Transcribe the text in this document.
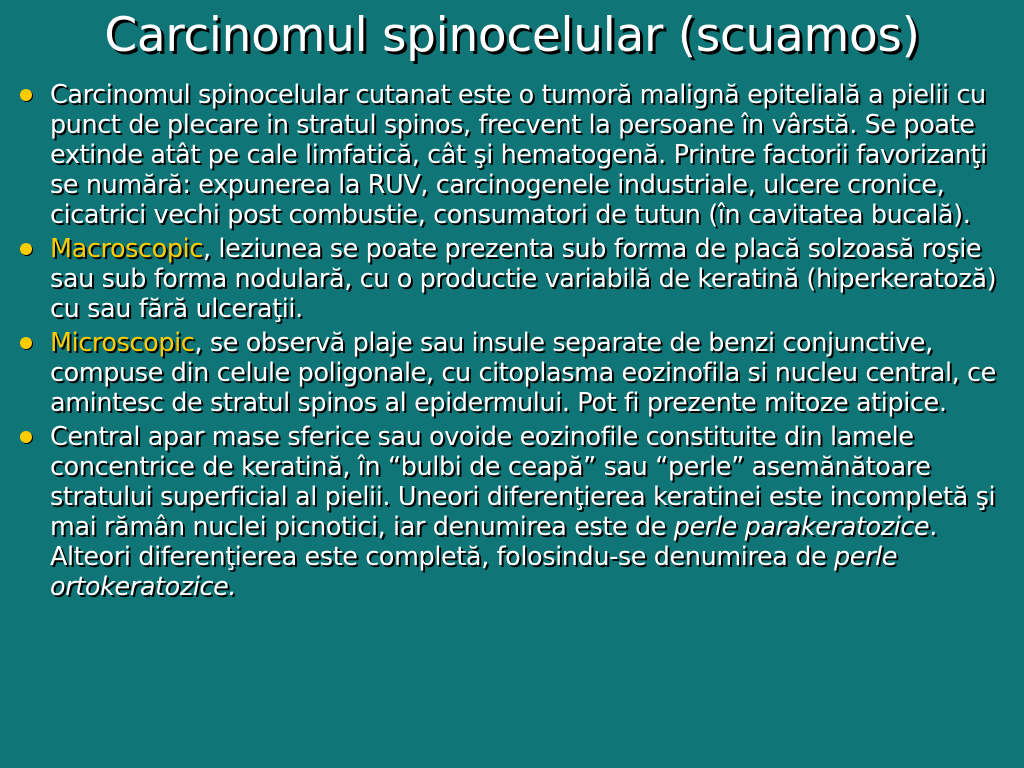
Carcinomul spinocelular (scuamos)
Carcinomul spinocelular cutanat este o tumoră malignă epitelială a pielii cu punct de plecare in stratul spinos, frecvent la persoane în vârstă. Se poate extinde atât pe cale limfatică, cât şi hematogenă. Printre factorii favorizanţi se numără: expunerea la RUV, carcinogenele industriale, ulcere cronice, cicatrici vechi post combustie, consumatori de tutun (în cavitatea bucală).
Macroscopic, leziunea se poate prezenta sub forma de placă solzoasă roşie sau sub forma nodulară, cu o productie variabilă de keratină (hiperkeratoză) cu sau fără ulceraţii.
Microscopic, se observă plaje sau insule separate de benzi conjunctive, compuse din celule poligonale, cu citoplasma eozinofila si nucleu central, ce amintesc de stratul spinos al epidermului. Pot fi prezente mitoze atipice.
Central apar mase sferice sau ovoide eozinofile constituite din lamele concentrice de keratină, în “bulbi de ceapă” sau “perle” asemănătoare stratului superficial al pielii. Uneori diferenţierea keratinei este incompletă şi mai rămân nuclei picnotici, iar denumirea este de perle parakeratozice. Alteori diferenţierea este completă, folosindu-se denumirea de perle ortokeratozice.
